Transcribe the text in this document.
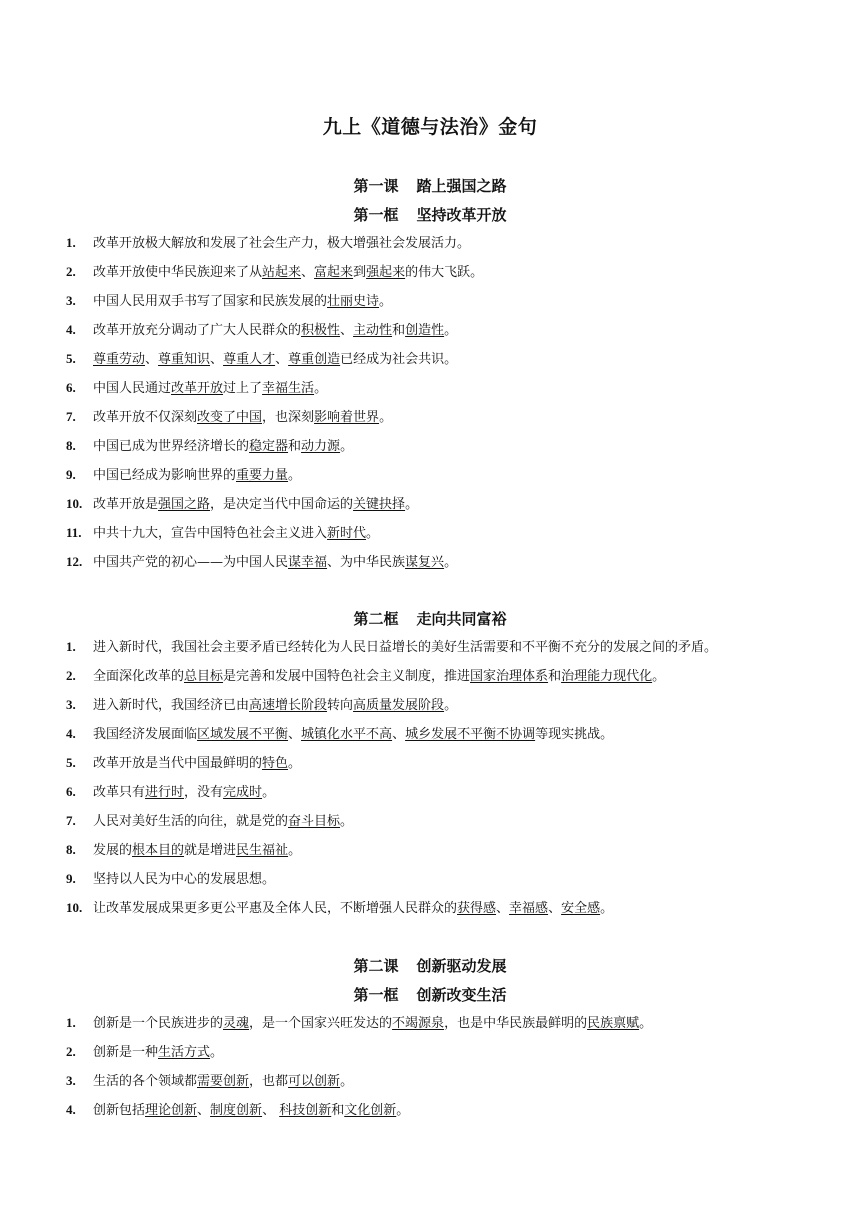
九上《道德与法治》金句
第一课 踏上强国之路
第一框 坚持改革开放
1. 改革开放极大解放和发展了社会生产力，极大增强社会发展活力。
2. 改革开放使中华民族迎来了从站起来、富起来到强起来的伟大飞跃。
3. 中国人民用双手书写了国家和民族发展的壮丽史诗。
4. 改革开放充分调动了广大人民群众的积极性、主动性和创造性。
5. 尊重劳动、尊重知识、尊重人才、尊重创造已经成为社会共识。
6. 中国人民通过改革开放过上了幸福生活。
7. 改革开放不仅深刻改变了中国，也深刻影响着世界。
8. 中国已成为世界经济增长的稳定器和动力源。
9. 中国已经成为影响世界的重要力量。
10. 改革开放是强国之路，是决定当代中国命运的关键抉择。
11. 中共十九大，宣告中国特色社会主义进入新时代。
12. 中国共产党的初心——为中国人民谋幸福、为中华民族谋复兴。
第二框 走向共同富裕
1. 进入新时代，我国社会主要矛盾已经转化为人民日益增长的美好生活需要和不平衡不充分的发展之间的矛盾。
2. 全面深化改革的总目标是完善和发展中国特色社会主义制度，推进国家治理体系和治理能力现代化。
3. 进入新时代，我国经济已由高速增长阶段转向高质量发展阶段。
4. 我国经济发展面临区域发展不平衡、城镇化水平不高、城乡发展不平衡不协调等现实挑战。
5. 改革开放是当代中国最鲜明的特色。
6. 改革只有进行时，没有完成时。
7. 人民对美好生活的向往，就是党的奋斗目标。
8. 发展的根本目的就是增进民生福祉。
9. 坚持以人民为中心的发展思想。
10. 让改革发展成果更多更公平惠及全体人民，不断增强人民群众的获得感、幸福感、安全感。
第二课 创新驱动发展
第一框 创新改变生活
1. 创新是一个民族进步的灵魂，是一个国家兴旺发达的不竭源泉，也是中华民族最鲜明的民族禀赋。
2. 创新是一种生活方式。
3. 生活的各个领域都需要创新，也都可以创新。
4. 创新包括理论创新、制度创新、 科技创新和文化创新。
